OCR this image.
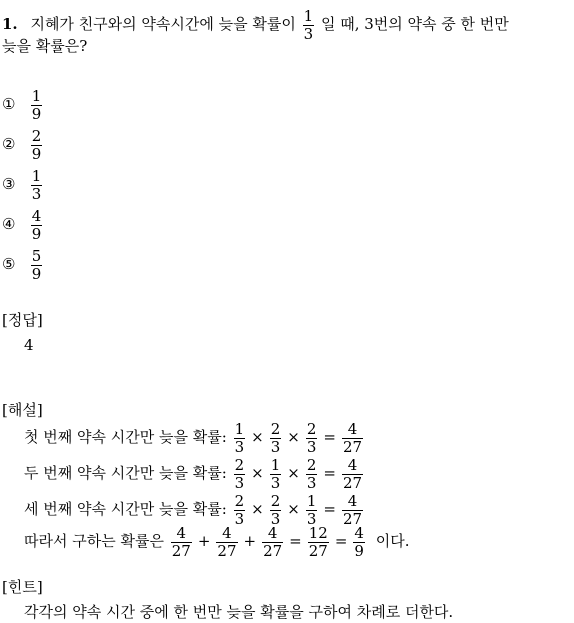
1. 지혜가 친구와의 약속시간에 늦을 확률이 $\frac{1}{3}$ 일 때, 3번의 약속 중 한 번만
늦을 확률은?
① $\frac{1}{9}$
② $\frac{2}{9}$
③ $\frac{1}{3}$
④ $\frac{4}{9}$
⑤ $\frac{5}{9}$
[정답]
4
[해설]
첫 번째 약속 시간만 늦을 확률: $\frac{1}{3} \times \frac{2}{3} \times \frac{2}{3} = \frac{4}{27}$
두 번째 약속 시간만 늦을 확률: $\frac{2}{3} \times \frac{1}{3} \times \frac{2}{3} = \frac{4}{27}$
세 번째 약속 시간만 늦을 확률: $\frac{2}{3} \times \frac{2}{3} \times \frac{1}{3} = \frac{4}{27}$
따라서 구하는 확률은 $\frac{4}{27} + \frac{4}{27} + \frac{4}{27} = \frac{12}{27} = \frac{4}{9}$ 이다.
[힌트]
각각의 약속 시간 중에 한 번만 늦을 확률을 구하여 차례로 더한다.
